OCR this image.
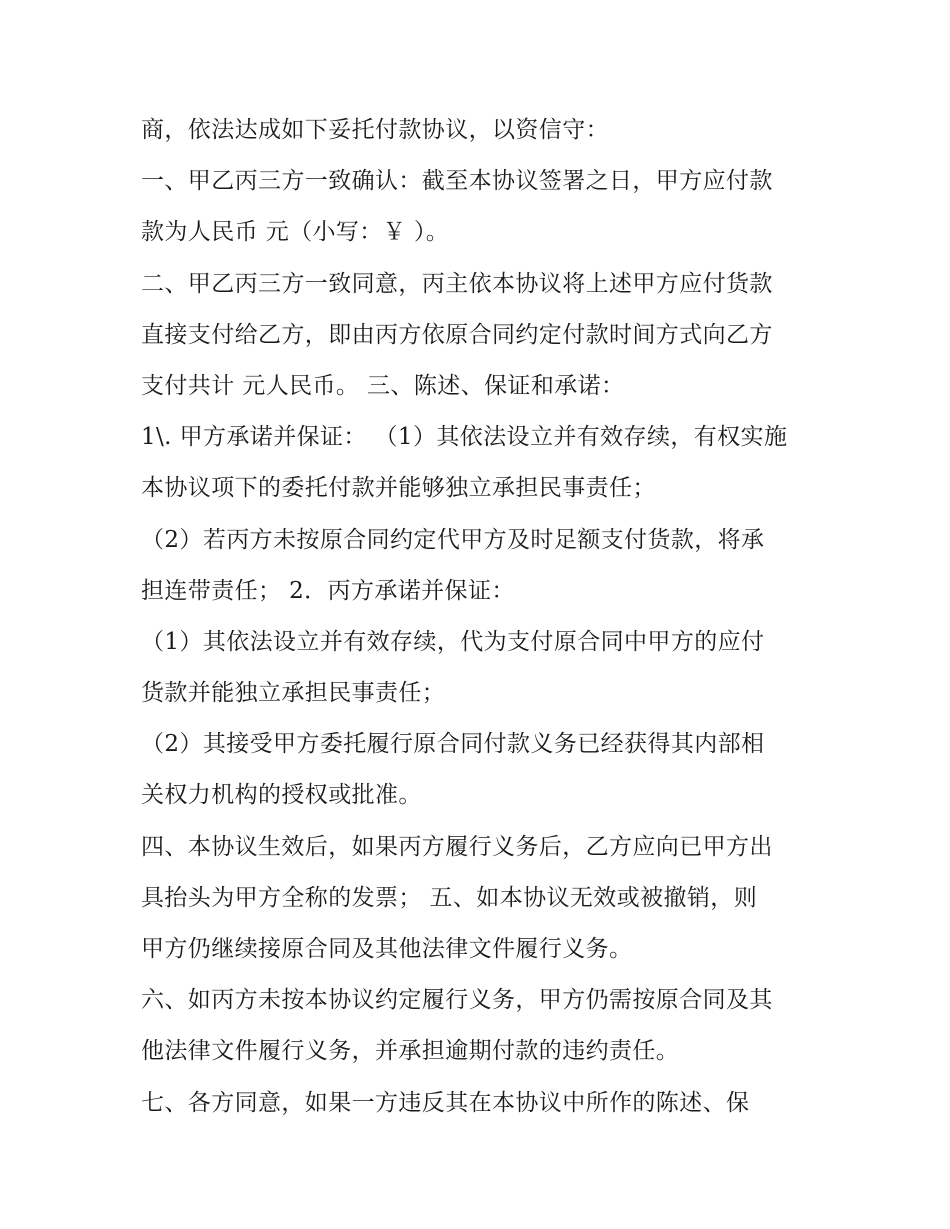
商，依法达成如下妥托付款协议，以资信守：
一、甲乙丙三方一致确认：截至本协议签署之日，甲方应付款
款为人民币 元（小写：￥ ）。
二、甲乙丙三方一致同意，丙主依本协议将上述甲方应付货款
直接支付给乙方，即由丙方依原合同约定付款时间方式向乙方
支付共计 元人民币。 三、陈述、保证和承诺：
1\. 甲方承诺并保证： （1）其依法设立并有效存续，有权实施
本协议项下的委托付款并能够独立承担民事责任；
（2）若丙方未按原合同约定代甲方及时足额支付货款，将承
担连带责任； 2．丙方承诺并保证：
（1）其依法设立并有效存续，代为支付原合同中甲方的应付
货款并能独立承担民事责任；
（2）其接受甲方委托履行原合同付款义务已经获得其内部相
关权力机构的授权或批准。
四、本协议生效后，如果丙方履行义务后，乙方应向已甲方出
具抬头为甲方全称的发票； 五、如本协议无效或被撤销，则
甲方仍继续接原合同及其他法律文件履行义务。
六、如丙方未按本协议约定履行义务，甲方仍需按原合同及其
他法律文件履行义务，并承担逾期付款的违约责任。
七、各方同意，如果一方违反其在本协议中所作的陈述、保
